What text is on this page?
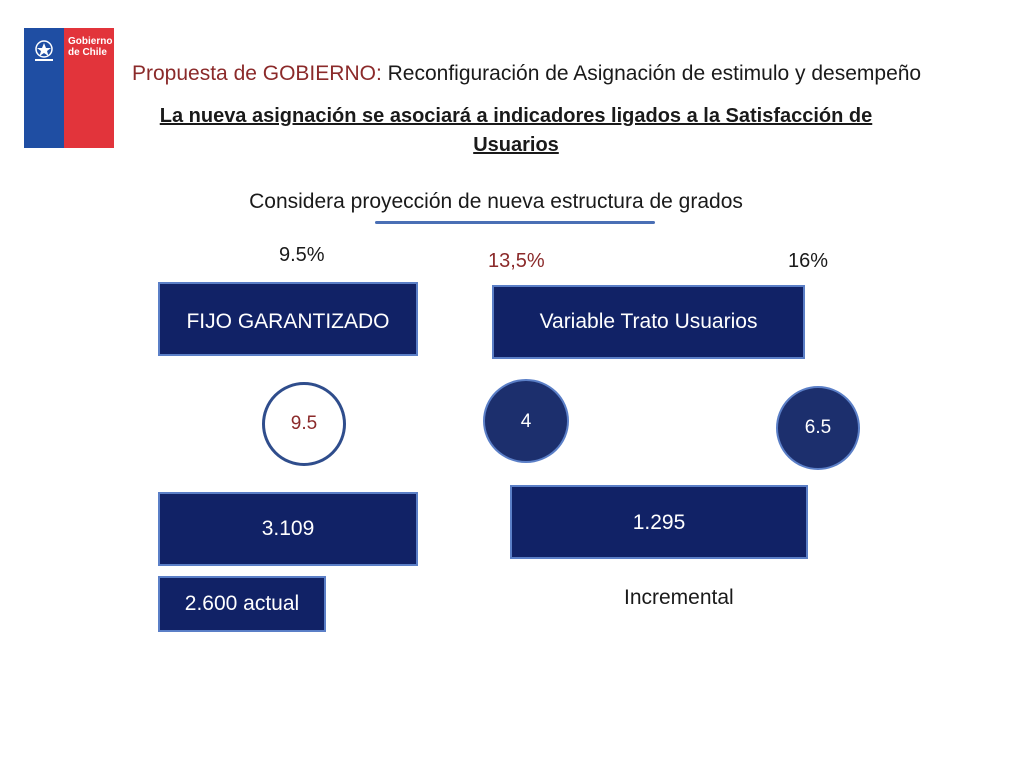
Gobierno
de Chile
Propuesta de GOBIERNO: Reconfiguración de Asignación de estimulo y desempeño
La nueva asignación se asociará a indicadores ligados a la Satisfacción de Usuarios
Considera proyección de nueva estructura de grados
9.5%	13,5%	16%
FIJO GARANTIZADO	Variable Trato Usuarios
9.5	4	6.5
3.109	1.295
2.600 actual	Incremental
